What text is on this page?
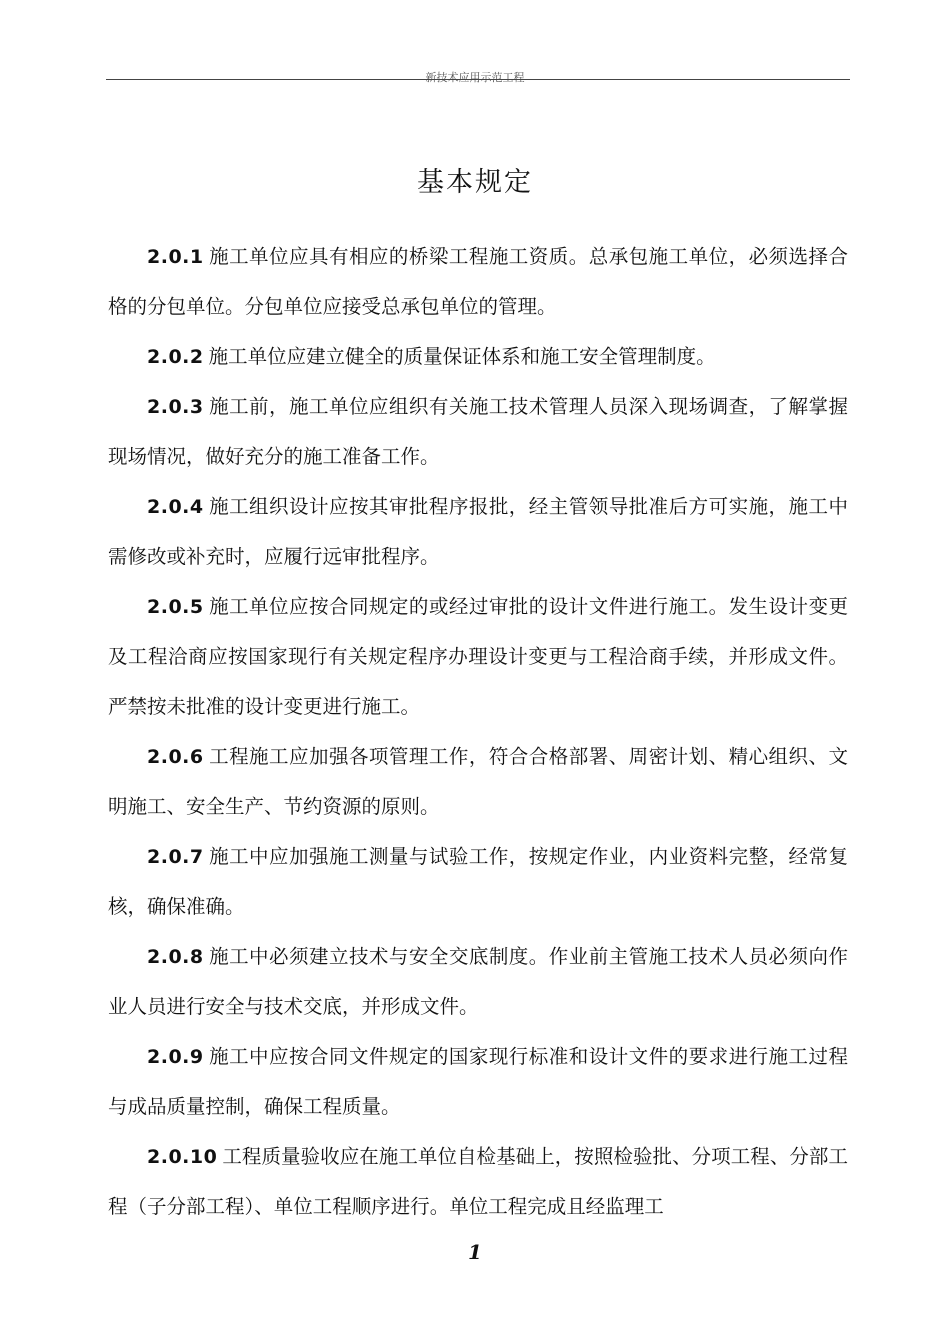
新技术应用示范工程
基本规定

2.0.1 施工单位应具有相应的桥梁工程施工资质。总承包施工单位，必须选择合格的分包单位。分包单位应接受总承包单位的管理。

2.0.2 施工单位应建立健全的质量保证体系和施工安全管理制度。

2.0.3 施工前，施工单位应组织有关施工技术管理人员深入现场调查，了解掌握现场情况，做好充分的施工准备工作。

2.0.4 施工组织设计应按其审批程序报批，经主管领导批准后方可实施，施工中需修改或补充时，应履行远审批程序。

2.0.5 施工单位应按合同规定的或经过审批的设计文件进行施工。发生设计变更及工程洽商应按国家现行有关规定程序办理设计变更与工程洽商手续，并形成文件。严禁按未批准的设计变更进行施工。

2.0.6 工程施工应加强各项管理工作，符合合格部署、周密计划、精心组织、文明施工、安全生产、节约资源的原则。

2.0.7 施工中应加强施工测量与试验工作，按规定作业，内业资料完整，经常复核，确保准确。

2.0.8 施工中必须建立技术与安全交底制度。作业前主管施工技术人员必须向作业人员进行安全与技术交底，并形成文件。

2.0.9 施工中应按合同文件规定的国家现行标准和设计文件的要求进行施工过程与成品质量控制，确保工程质量。

2.0.10 工程质量验收应在施工单位自检基础上，按照检验批、分项工程、分部工程（子分部工程）、单位工程顺序进行。单位工程完成且经监理工

1
